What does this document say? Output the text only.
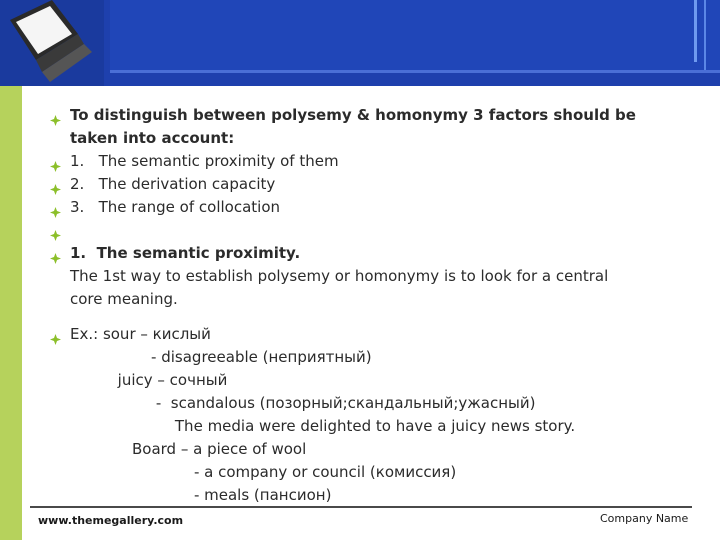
To distinguish between polysemy & homonymy 3 factors should be
taken into account:
1.   The semantic proximity of them
2.   The derivation capacity
3.   The range of collocation
1.  The semantic proximity.
The 1st way to establish polysemy or homonymy is to look for a central
core meaning.
Ex.: sour – кислый
- disagreeable (неприятный)
juicy – сочный
-  scandalous (позорный;скандальный;ужасный)
The media were delighted to have a juicy news story.
Board – a piece of wool
- a company or council (комиссия)
- meals (пансион)
www.themegallery.com	Company Name
